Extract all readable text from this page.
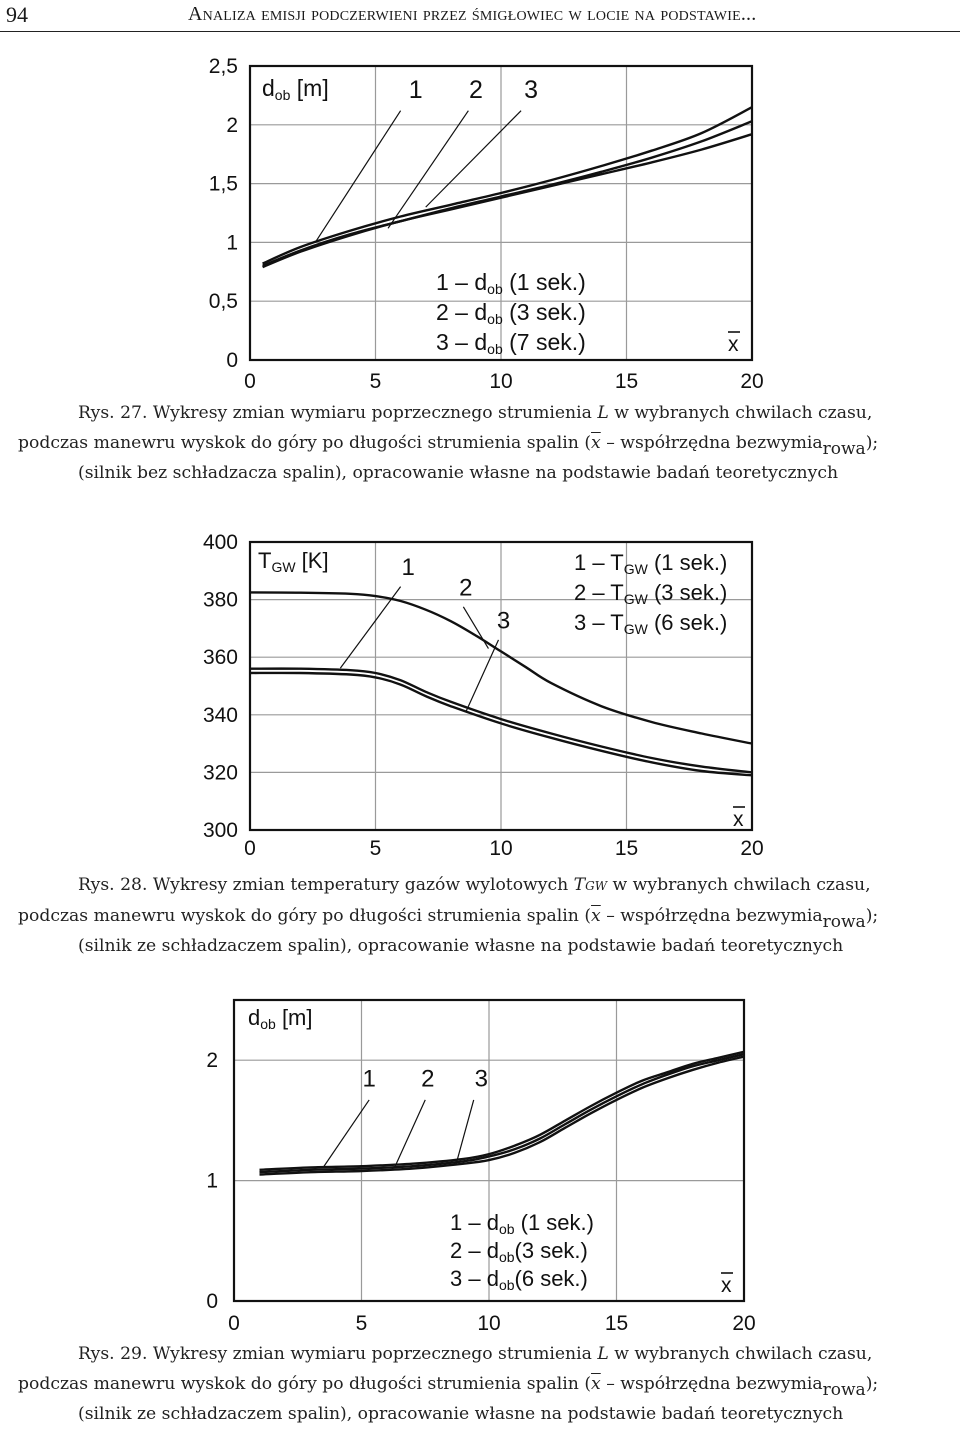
94	Analiza emisji podczerwieni przez śmigłowiec w locie na podstawie...
0	5	10	15	20
0
0,5
1
1,5
2
2,5
dob [m]
x
1 2 3
1 – dob (1 sek.)
2 – dob (3 sek.)
3 – dob (7 sek.)
Rys. 27. Wykresy zmian wymiaru poprzecznego strumienia L w wybranych chwilach czasu,
podczas manewru wyskok do góry po długości strumienia spalin ($\overline{x}$ – współrzędna bezwymiarowa);
(silnik bez schładzacza spalin), opracowanie własne na podstawie badań teoretycznych
0	5	10	15	20
300
320
340
360
380
400
TGW [K]
x
1
2
3
1 – TGW (1 sek.)
2 – TGW (3 sek.)
3 – TGW (6 sek.)
Rys. 28. Wykresy zmian temperatury gazów wylotowych TGW w wybranych chwilach czasu,
podczas manewru wyskok do góry po długości strumienia spalin ($\overline{x}$ – współrzędna bezwymiarowa);
(silnik ze schładzaczem spalin), opracowanie własne na podstawie badań teoretycznych
0	5	10	15	20
0
1
2
dob [m]
x
1 2 3
1 – dob (1 sek.)
2 – dob(3 sek.)
3 – dob(6 sek.)
Rys. 29. Wykresy zmian wymiaru poprzecznego strumienia L w wybranych chwilach czasu,
podczas manewru wyskok do góry po długości strumienia spalin ($\overline{x}$ – współrzędna bezwymiarowa);
(silnik ze schładzaczem spalin), opracowanie własne na podstawie badań teoretycznych
